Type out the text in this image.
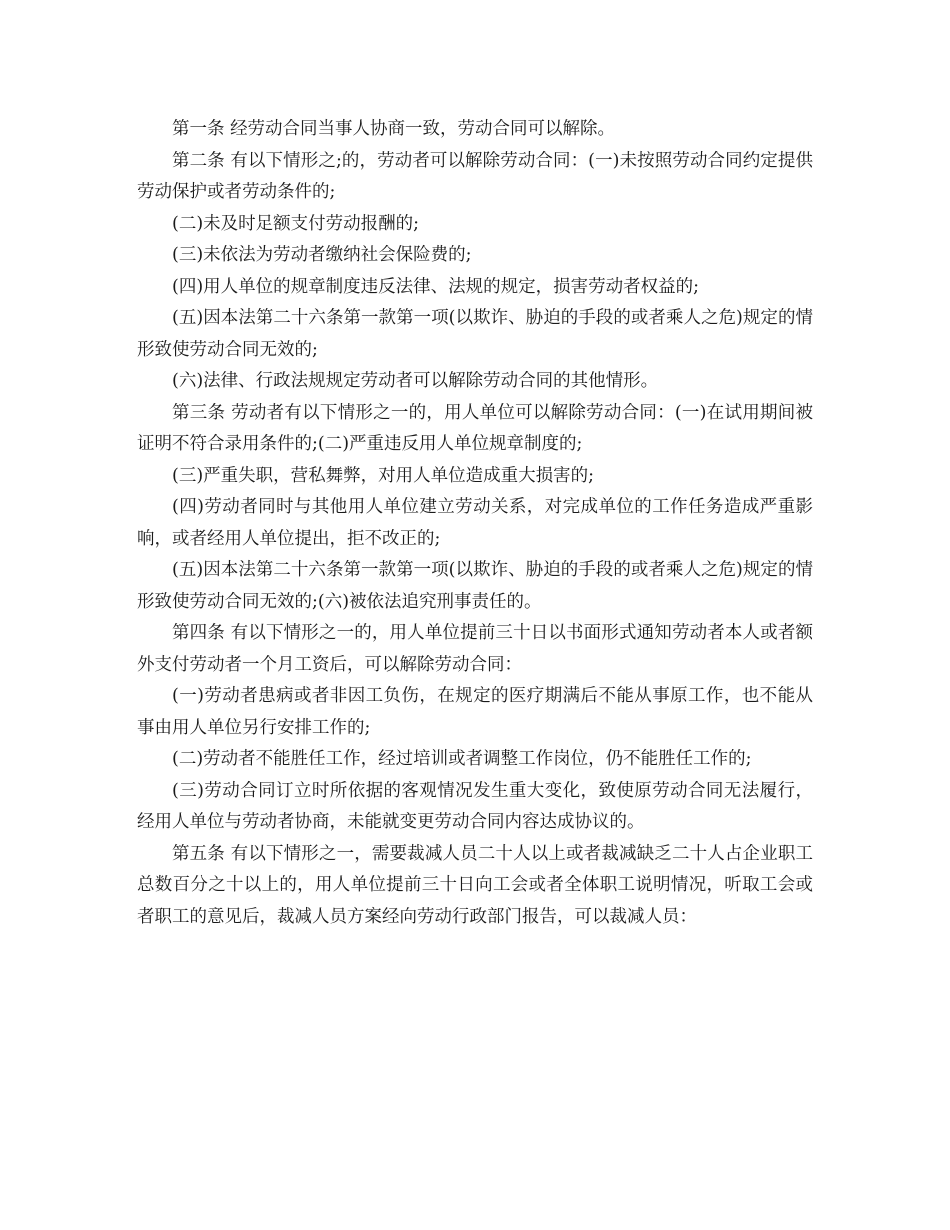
第一条 经劳动合同当事人协商一致，劳动合同可以解除。

第二条 有以下情形之;的，劳动者可以解除劳动合同：(一)未按照劳动合同约定提供劳动保护或者劳动条件的;

(二)未及时足额支付劳动报酬的;

(三)未依法为劳动者缴纳社会保险费的;

(四)用人单位的规章制度违反法律、法规的规定，损害劳动者权益的;

(五)因本法第二十六条第一款第一项(以欺诈、胁迫的手段的或者乘人之危)规定的情形致使劳动合同无效的;

(六)法律、行政法规规定劳动者可以解除劳动合同的其他情形。

第三条 劳动者有以下情形之一的，用人单位可以解除劳动合同：(一)在试用期间被证明不符合录用条件的;(二)严重违反用人单位规章制度的;

(三)严重失职，营私舞弊，对用人单位造成重大损害的;

(四)劳动者同时与其他用人单位建立劳动关系，对完成单位的工作任务造成严重影响，或者经用人单位提出，拒不改正的;

(五)因本法第二十六条第一款第一项(以欺诈、胁迫的手段的或者乘人之危)规定的情形致使劳动合同无效的;(六)被依法追究刑事责任的。

第四条 有以下情形之一的，用人单位提前三十日以书面形式通知劳动者本人或者额外支付劳动者一个月工资后，可以解除劳动合同：

(一)劳动者患病或者非因工负伤，在规定的医疗期满后不能从事原工作，也不能从事由用人单位另行安排工作的;

(二)劳动者不能胜任工作，经过培训或者调整工作岗位，仍不能胜任工作的;

(三)劳动合同订立时所依据的客观情况发生重大变化，致使原劳动合同无法履行，经用人单位与劳动者协商，未能就变更劳动合同内容达成协议的。

第五条 有以下情形之一，需要裁减人员二十人以上或者裁减缺乏二十人占企业职工总数百分之十以上的，用人单位提前三十日向工会或者全体职工说明情况，听取工会或者职工的意见后，裁减人员方案经向劳动行政部门报告，可以裁减人员：
